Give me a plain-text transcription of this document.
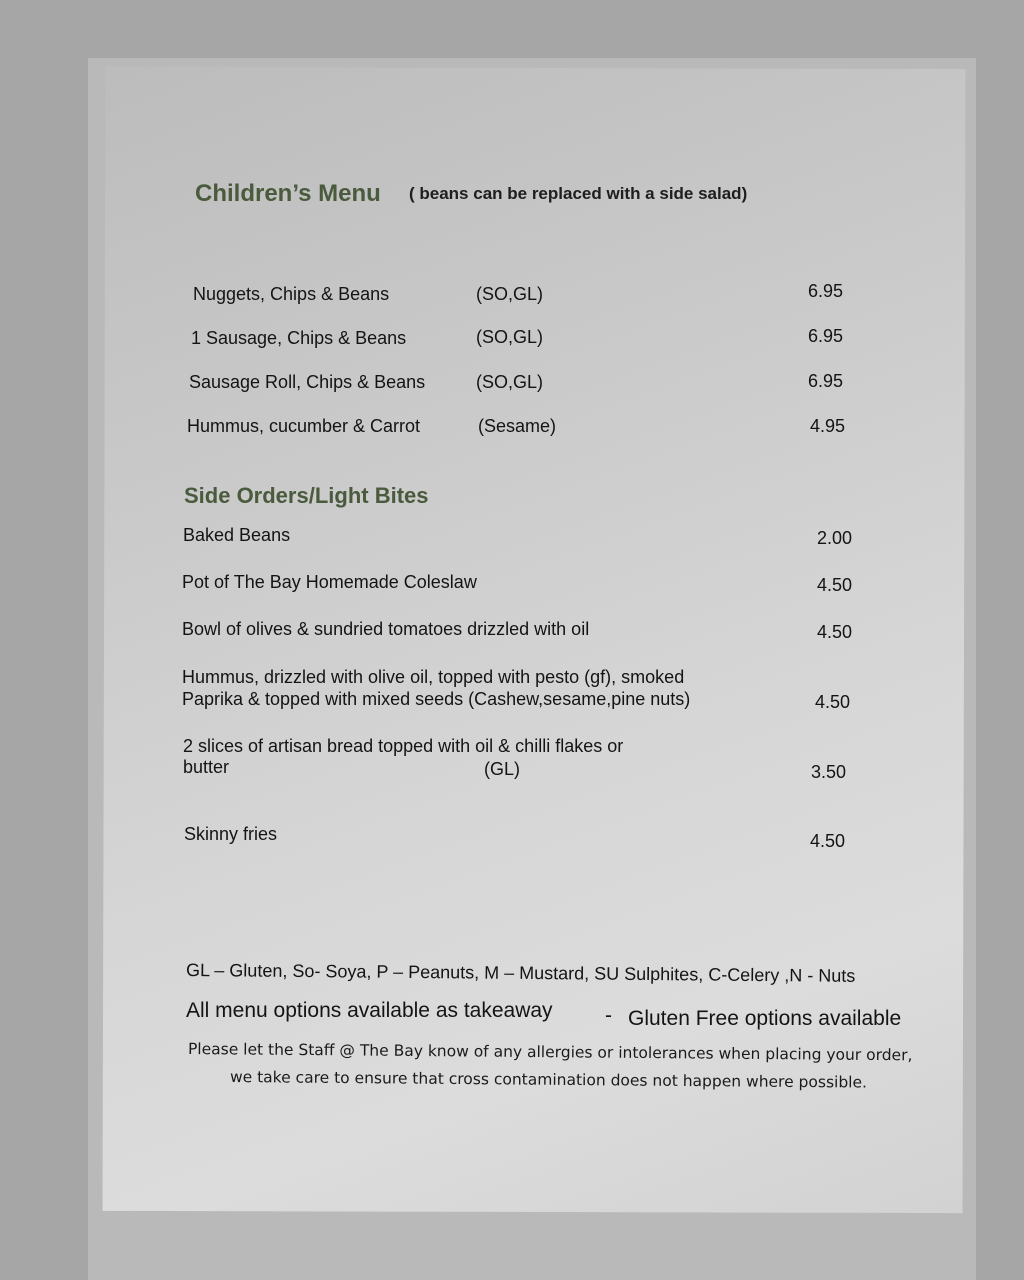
Children’s Menu ( beans can be replaced with a side salad)
Nuggets, Chips & Beans	(SO,GL)	6.95
1 Sausage, Chips & Beans	(SO,GL)	6.95
Sausage Roll, Chips & Beans	(SO,GL)	6.95
Hummus, cucumber & Carrot	(Sesame)	4.95
Side Orders/Light Bites
Baked Beans	2.00
Pot of The Bay Homemade Coleslaw	4.50
Bowl of olives & sundried tomatoes drizzled with oil	4.50
Hummus, drizzled with olive oil, topped with pesto (gf), smoked
Paprika & topped with mixed seeds (Cashew,sesame,pine nuts)	4.50
2 slices of artisan bread topped with oil & chilli flakes or
butter	(GL)	3.50
Skinny fries	4.50
GL – Gluten, So- Soya, P – Peanuts, M – Mustard, SU Sulphites, C-Celery ,N - Nuts
All menu options available as takeaway - Gluten Free options available
Please let the Staff @ The Bay know of any allergies or intolerances when placing your order,
we take care to ensure that cross contamination does not happen where possible.
